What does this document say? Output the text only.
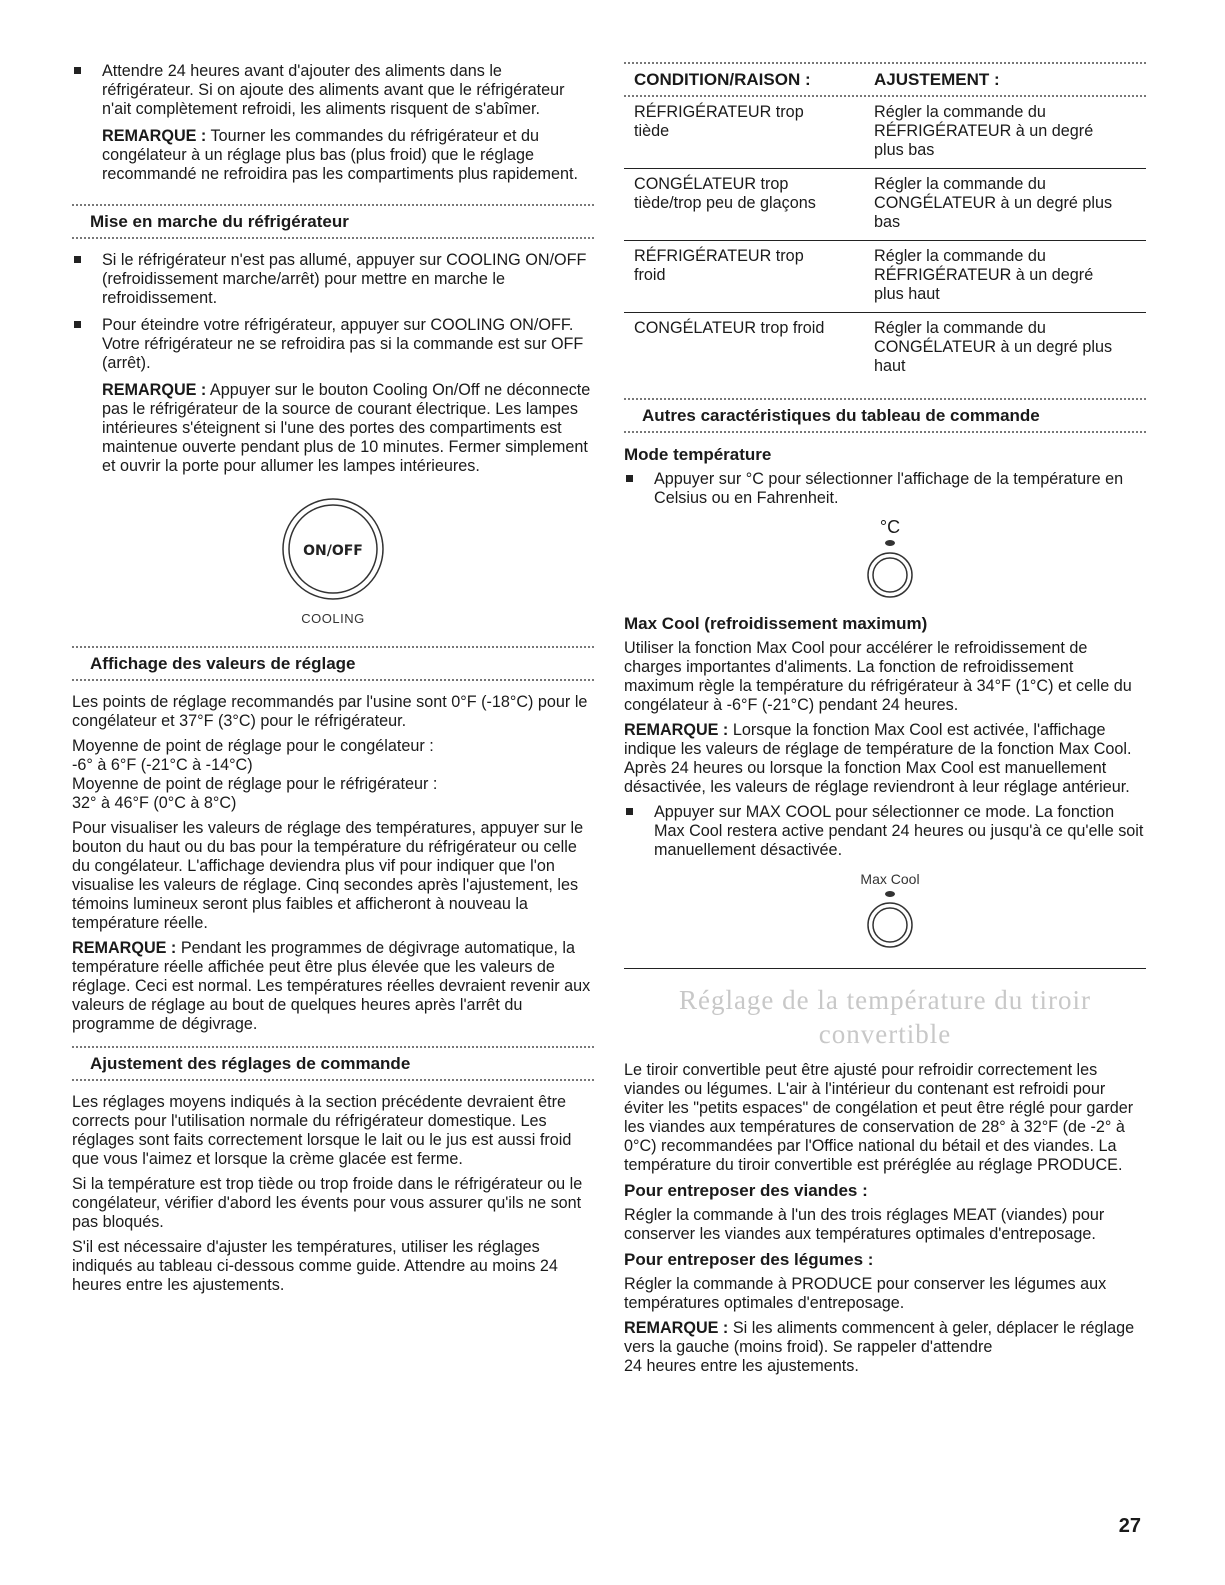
Attendre 24 heures avant d'ajouter des aliments dans le réfrigérateur. Si on ajoute des aliments avant que le réfrigérateur n'ait complètement refroidi, les aliments risquent de s'abîmer.

REMARQUE : Tourner les commandes du réfrigérateur et du congélateur à un réglage plus bas (plus froid) que le réglage recommandé ne refroidira pas les compartiments plus rapidement.

Mise en marche du réfrigérateur
Si le réfrigérateur n'est pas allumé, appuyer sur COOLING ON/OFF (refroidissement marche/arrêt) pour mettre en marche le refroidissement.
Pour éteindre votre réfrigérateur, appuyer sur COOLING ON/OFF. Votre réfrigérateur ne se refroidira pas si la commande est sur OFF (arrêt).

REMARQUE : Appuyer sur le bouton Cooling On/Off ne déconnecte pas le réfrigérateur de la source de courant électrique. Les lampes intérieures s'éteignent si l'une des portes des compartiments est maintenue ouverte pendant plus de 10 minutes. Fermer simplement et ouvrir la porte pour allumer les lampes intérieures.

ON/OFF
COOLING
Affichage des valeurs de réglage

Les points de réglage recommandés par l'usine sont 0°F (-18°C) pour le congélateur et 37°F (3°C) pour le réfrigérateur.

Moyenne de point de réglage pour le congélateur :
-6° à 6°F (-21°C à -14°C)
Moyenne de point de réglage pour le réfrigérateur :
32° à 46°F (0°C à 8°C)

Pour visualiser les valeurs de réglage des températures, appuyer sur le bouton du haut ou du bas pour la température du réfrigérateur ou celle du congélateur. L'affichage deviendra plus vif pour indiquer que l'on visualise les valeurs de réglage. Cinq secondes après l'ajustement, les témoins lumineux seront plus faibles et afficheront à nouveau la température réelle.

REMARQUE : Pendant les programmes de dégivrage automatique, la température réelle affichée peut être plus élevée que les valeurs de réglage. Ceci est normal. Les températures réelles devraient revenir aux valeurs de réglage au bout de quelques heures après l'arrêt du programme de dégivrage.

Ajustement des réglages de commande

Les réglages moyens indiqués à la section précédente devraient être corrects pour l'utilisation normale du réfrigérateur domestique. Les réglages sont faits correctement lorsque le lait ou le jus est aussi froid que vous l'aimez et lorsque la crème glacée est ferme.

Si la température est trop tiède ou trop froide dans le réfrigérateur ou le congélateur, vérifier d'abord les évents pour vous assurer qu'ils ne sont pas bloqués.

S'il est nécessaire d'ajuster les températures, utiliser les réglages indiqués au tableau ci-dessous comme guide. Attendre au moins 24 heures entre les ajustements.

CONDITION/RAISON :	AJUSTEMENT :
RÉFRIGÉRATEUR trop
tiède
Régler la commande du
RÉFRIGÉRATEUR à un degré
plus bas
CONGÉLATEUR trop
tiède/trop peu de glaçons
Régler la commande du
CONGÉLATEUR à un degré plus
bas
RÉFRIGÉRATEUR trop
froid
Régler la commande du
RÉFRIGÉRATEUR à un degré
plus haut
CONGÉLATEUR trop froid	Régler la commande du
CONGÉLATEUR à un degré plus
haut
Autres caractéristiques du tableau de commande
Mode température
Appuyer sur °C pour sélectionner l'affichage de la température en Celsius ou en Fahrenheit.
°C
Max Cool (refroidissement maximum)

Utiliser la fonction Max Cool pour accélérer le refroidissement de charges importantes d'aliments. La fonction de refroidissement maximum règle la température du réfrigérateur à 34°F (1°C) et celle du congélateur à -6°F (-21°C) pendant 24 heures.

REMARQUE : Lorsque la fonction Max Cool est activée, l'affichage indique les valeurs de réglage de température de la fonction Max Cool. Après 24 heures ou lorsque la fonction Max Cool est manuellement désactivée, les valeurs de réglage reviendront à leur réglage antérieur.

Appuyer sur MAX COOL pour sélectionner ce mode. La fonction Max Cool restera active pendant 24 heures ou jusqu'à ce qu'elle soit manuellement désactivée.
Max Cool
Réglage de la température du tiroir
convertible

Le tiroir convertible peut être ajusté pour refroidir correctement les viandes ou légumes. L'air à l'intérieur du contenant est refroidi pour éviter les "petits espaces" de congélation et peut être réglé pour garder les viandes aux températures de conservation de 28° à 32°F (de -2° à 0°C) recommandées par l'Office national du bétail et des viandes. La température du tiroir convertible est préréglée au réglage PRODUCE.

Pour entreposer des viandes :

Régler la commande à l'un des trois réglages MEAT (viandes) pour conserver les viandes aux températures optimales d'entreposage.

Pour entreposer des légumes :

Régler la commande à PRODUCE pour conserver les légumes aux températures optimales d'entreposage.

REMARQUE : Si les aliments commencent à geler, déplacer le réglage vers la gauche (moins froid). Se rappeler d'attendre
24 heures entre les ajustements.

27
